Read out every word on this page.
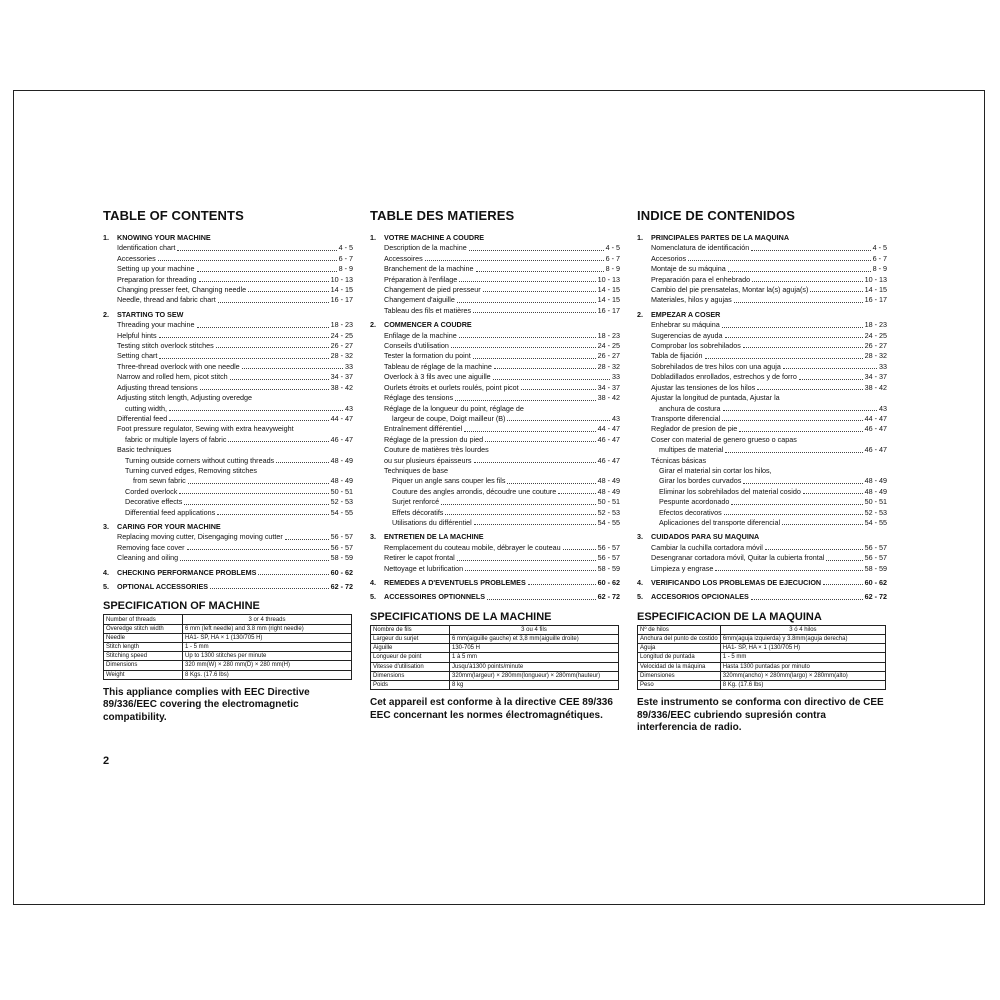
TABLE OF CONTENTS
1. KNOWING YOUR MACHINE
Identification chart	4 - 5
Accessories	6 - 7
Setting up your machine	8 - 9
Preparation for threading	10 - 13
Changing presser feet, Changing needle	14 - 15
Needle, thread and fabric chart	16 - 17
2. STARTING TO SEW
Threading your machine	18 - 23
Helpful hints	24 - 25
Testing stitch overlock stitches	26 - 27
Setting chart	28 - 32
Three-thread overlock with one needle	33
Narrow and rolled hem, picot stitch	34 - 37
Adjusting thread tensions	38 - 42
Adjusting stitch length, Adjusting overedge
cutting width,	43
Differential feed	44 - 47
Foot pressure regulator, Sewing with extra heavyweight
fabric or multiple layers of fabric	46 - 47
Basic techniques
Turning outside corners without cutting threads	48 - 49
Turning curved edges, Removing stitches
from sewn fabric	48 - 49
Corded overlock	50 - 51
Decorative effects	52 - 53
Differential feed applications	54 - 55
3. CARING FOR YOUR MACHINE
Replacing moving cutter, Disengaging moving cutter	56 - 57
Removing face cover	56 - 57
Cleaning and oiling	58 - 59
4. CHECKING PERFORMANCE PROBLEMS	60 - 62
5. OPTIONAL ACCESSORIES	62 - 72
SPECIFICATION OF MACHINE
Number of threads	3 or 4 threads
Overedge stitch width	6 mm (left needle) and 3.8 mm (right needle)
Needle	HA1- SP, HA × 1 (130/705 H)
Stitch length	1 - 5 mm
Stitching speed	Up to 1300 stitches per minute
Dimensions	320 mm(W) × 280 mm(D) × 280 mm(H)
Weight	8 Kgs. (17.6 lbs)
This appliance complies with EEC Directive 89/336/EEC covering the electromagnetic compatibility.
TABLE DES MATIERES
1. VOTRE MACHINE A COUDRE
Description de la machine	4 - 5
Accessoires	6 - 7
Branchement de la machine	8 - 9
Préparation à l'enfilage	10 - 13
Changement de pied presseur	14 - 15
Changement d'aiguille	14 - 15
Tableau des fils et matières	16 - 17
2. COMMENCER A COUDRE
Enfilage de la machine	18 - 23
Conseils d'utilisation	24 - 25
Tester la formation du point	26 - 27
Tableau de réglage de la machine	28 - 32
Overlock à 3 fils avec une aiguille	33
Ourlets étroits et ourlets roulés, point picot	34 - 37
Réglage des tensions	38 - 42
Réglage de la longueur du point, réglage de
largeur de coupe, Doigt mailleur (B)	43
Entraînement différentiel	44 - 47
Réglage de la pression du pied	46 - 47
Couture de matières très lourdes
ou sur plusieurs épaisseurs	46 - 47
Techniques de base
Piquer un angle sans couper les fils	48 - 49
Couture des angles arrondis, découdre une couture	48 - 49
Surjet renforcé	50 - 51
Effets décoratifs	52 - 53
Utilisations du différentiel	54 - 55
3. ENTRETIEN DE LA MACHINE
Remplacement du couteau mobile, débrayer le couteau	56 - 57
Retirer le capot frontal	56 - 57
Nettoyage et lubrification	58 - 59
4. REMEDES A D'EVENTUELS PROBLEMES	60 - 62
5. ACCESSOIRES OPTIONNELS	62 - 72
SPECIFICATIONS DE LA MACHINE
Nombre de fils	3 ou 4 fils
Largeur du surjet	6 mm(aiguille gauche) et 3,8 mm(aiguille droite)
Aiguille	130-705 H
Longueur de point	1 à 5 mm
Vitesse d'utilisation	Jusqu'à1300 points/minute
Dimensions	320mm(largeur) × 280mm(longueur) × 280mm(hauteur)
Poids	8 kg
Cet appareil est conforme à la directive CEE 89/336 EEC concernant les normes électromagnétiques.
INDICE DE CONTENIDOS
1. PRINCIPALES PARTES DE LA MAQUINA
Nomenclatura de identificación	4 - 5
Accesorios	6 - 7
Montaje de su máquina	8 - 9
Preparación para el enhebrado	10 - 13
Cambio del pie prensatelas, Montar la(s) aguja(s)	14 - 15
Materiales, hilos y agujas	16 - 17
2. EMPEZAR A COSER
Enhebrar su máquina	18 - 23
Sugerencias de ayuda	24 - 25
Comprobar los sobrehilados	26 - 27
Tabla de fijación	28 - 32
Sobrehilados de tres hilos con una aguja	33
Dobladillados enrollados, estrechos y de forro	34 - 37
Ajustar las tensiones de los hilos	38 - 42
Ajustar la longitud de puntada, Ajustar la
anchura de costura	43
Transporte diferencial	44 - 47
Reglador de presion de pie	46 - 47
Coser con material de genero grueso o capas
multipes de material	46 - 47
Técnicas básicas
Girar el material sin cortar los hilos,
Girar los bordes curvados	48 - 49
Eliminar los sobrehilados del material cosido	48 - 49
Pespunte acordonado	50 - 51
Efectos decorativos	52 - 53
Aplicaciones del transporte diferencial	54 - 55
3. CUIDADOS PARA SU MAQUINA
Cambiar la cuchilla cortadora móvil	56 - 57
Desengranar cortadora móvil, Quitar la cubierta frontal	56 - 57
Limpieza y engrase	58 - 59
4. VERIFICANDO LOS PROBLEMAS DE EJECUCION	60 - 62
5. ACCESORIOS OPCIONALES	62 - 72
ESPECIFICACION DE LA MAQUINA
Nº de hilos	3 ó 4 hilos
Anchura del punto de costido	6mm(aguja izquierda) y 3.8mm(aguja derecha)
Aguja	HA1- SP, HA × 1 (130/705 H)
Longitud de puntada	1 - 5 mm
Velocidad de la máquina	Hasta 1300 puntadas por minuto
Dimensiones	320mm(ancho) × 280mm(largo) × 280mm(alto)
Peso	8 Kg. (17.6 lbs)
Este instrumento se conforma con directivo de CEE 89/336/EEC cubriendo supresión contra interferencia de radio.
2
